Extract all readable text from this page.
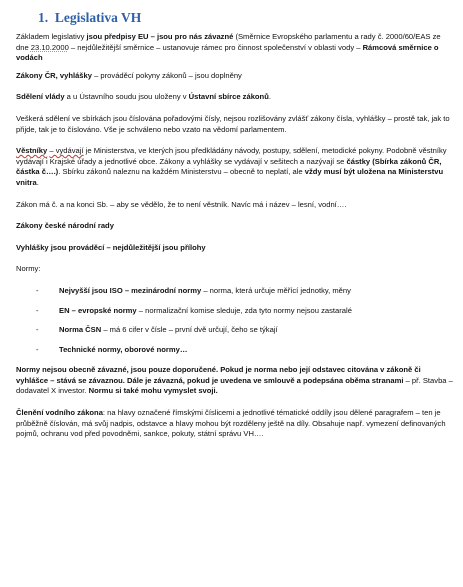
1. Legislativa VH

Základem legislativy jsou předpisy EU – jsou pro nás závazné (Směrnice Evropského parlamentu a rady č. 2000/60/EAS ze dne 23.10.2000 – nejdůležitější směrnice – ustanovuje rámec pro činnost společenství v oblasti vody – Rámcová směrnice o vodách

Zákony ČR, vyhlášky – prováděcí pokyny zákonů – jsou doplněny

Sdělení vlády a u Ústavního soudu jsou uloženy v Ústavní sbírce zákonů.

Veškerá sdělení ve sbírkách jsou číslována pořadovými čísly, nejsou rozlišovány zvlášť zákony čísla, vyhlášky – prostě tak, jak to přijde, tak je to číslováno. Vše je schváleno nebo vzato na vědomí parlamentem.

Věstníky – vydávají je Ministerstva, ve kterých jsou předkládány návody, postupy, sdělení, metodické pokyny. Podobně věstníky vydávají i Krajské úřady a jednotlivé obce. Zákony a vyhlášky se vydávají v sešitech a nazývají se částky (Sbírka zákonů ČR, částka č….). Sbírku zákonů naleznu na každém Ministerstvu – obecně to neplatí, ale vždy musí být uložena na Ministerstvu vnitra.

Zákon má č. a na konci Sb. – aby se vědělo, že to není věstník. Navíc má i název – lesní, vodní….

Zákony české národní rady

Vyhlášky jsou prováděcí – nejdůležitější jsou přílohy

Normy:

-	Nejvyšší jsou ISO – mezinárodní normy – norma, která určuje měřící jednotky, měny
-	EN – evropské normy – normalizační komise sleduje, zda tyto normy nejsou zastaralé
-	Norma ČSN – má 6 cifer v čísle – první dvě určují, čeho se týkají
-	Technické normy, oborové normy…

Normy nejsou obecně závazné, jsou pouze doporučené. Pokud je norma nebo její odstavec citována v zákoně či vyhlášce – stává se závaznou. Dále je závazná, pokud je uvedena ve smlouvě a podepsána oběma stranami – př. Stavba – dodavatel X investor. Normu si také mohu vymyslet svoji.

Členění vodního zákona: na hlavy označené římskými číslicemi a jednotlivé tématické oddíly jsou dělené paragrafem – ten je průběžně číslován, má svůj nadpis, odstavce a hlavy mohou být rozděleny ještě na díly. Obsahuje např. vymezení definovaných pojmů, ochranu vod před povodněmi, sankce, pokuty, státní správu VH….
